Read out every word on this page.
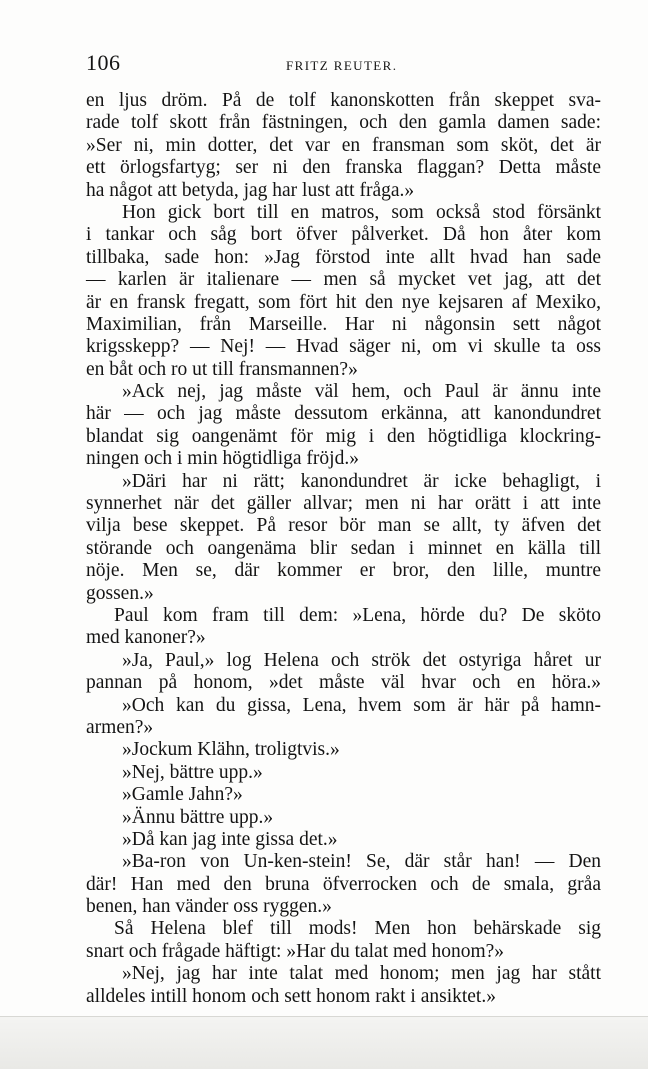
106	FRITZ REUTER.
en ljus dröm. På de tolf kanonskotten från skeppet sva-
rade tolf skott från fästningen, och den gamla damen sade:
»Ser ni, min dotter, det var en fransman som sköt, det är
ett örlogsfartyg; ser ni den franska flaggan? Detta måste
ha något att betyda, jag har lust att fråga.»
Hon gick bort till en matros, som också stod försänkt
i tankar och såg bort öfver pålverket. Då hon åter kom
tillbaka, sade hon: »Jag förstod inte allt hvad han sade
— karlen är italienare — men så mycket vet jag, att det
är en fransk fregatt, som fört hit den nye kejsaren af Mexiko,
Maximilian, från Marseille. Har ni någonsin sett något
krigsskepp? — Nej! — Hvad säger ni, om vi skulle ta oss
en båt och ro ut till fransmannen?»
»Ack nej, jag måste väl hem, och Paul är ännu inte
här — och jag måste dessutom erkänna, att kanondundret
blandat sig oangenämt för mig i den högtidliga klockring-
ningen och i min högtidliga fröjd.»
»Däri har ni rätt; kanondundret är icke behagligt, i
synnerhet när det gäller allvar; men ni har orätt i att inte
vilja bese skeppet. På resor bör man se allt, ty äfven det
störande och oangenäma blir sedan i minnet en källa till
nöje. Men se, där kommer er bror, den lille, muntre
gossen.»
Paul kom fram till dem: »Lena, hörde du? De sköto
med kanoner?»
»Ja, Paul,» log Helena och strök det ostyriga håret ur
pannan på honom, »det måste väl hvar och en höra.»
»Och kan du gissa, Lena, hvem som är här på hamn-
armen?»
»Jockum Klähn, troligtvis.»
»Nej, bättre upp.»
»Gamle Jahn?»
»Ännu bättre upp.»
»Då kan jag inte gissa det.»
»Ba-ron von Un-ken-stein! Se, där står han! — Den
där! Han med den bruna öfverrocken och de smala, gråa
benen, han vänder oss ryggen.»
Så Helena blef till mods! Men hon behärskade sig
snart och frågade häftigt: »Har du talat med honom?»
»Nej, jag har inte talat med honom; men jag har stått
alldeles intill honom och sett honom rakt i ansiktet.»
